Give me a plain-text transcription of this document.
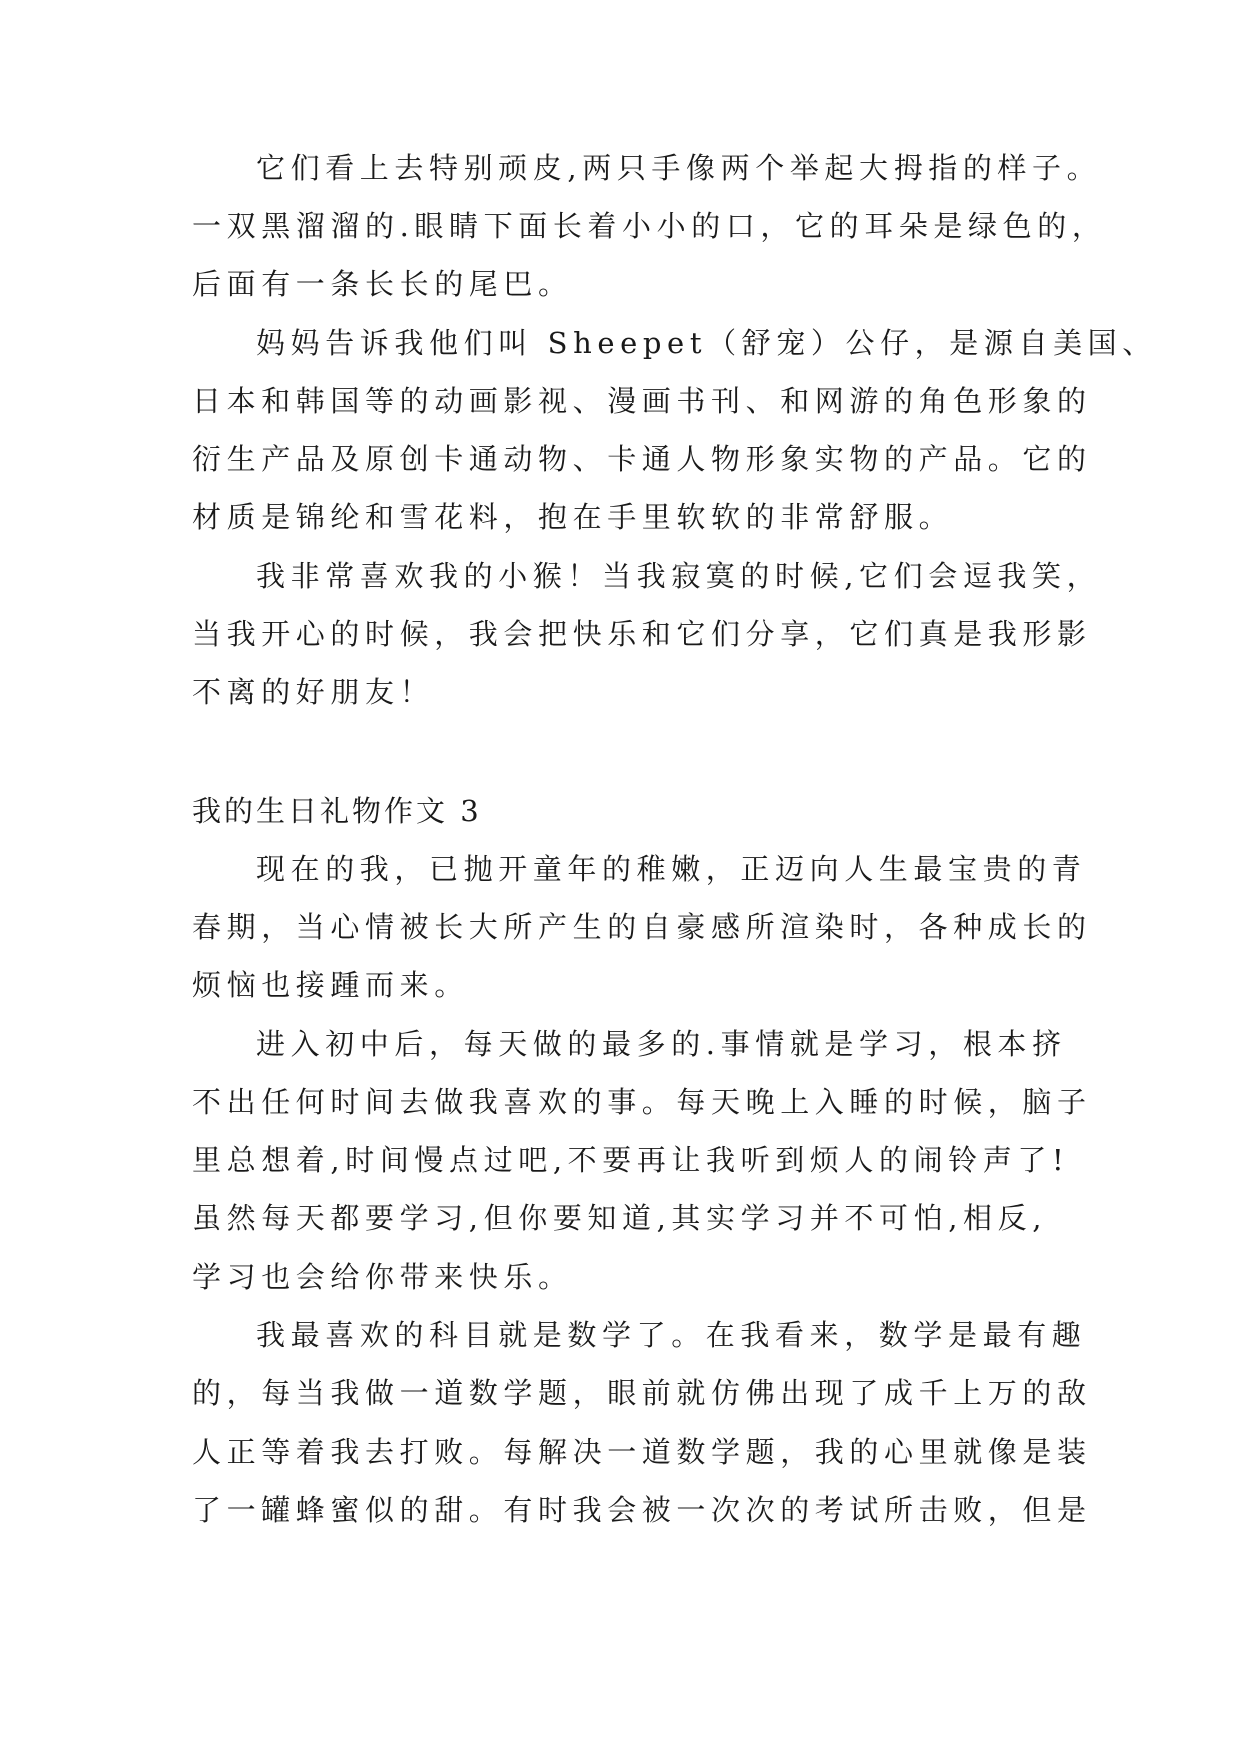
它们看上去特别顽皮,两只手像两个举起大拇指的样子。
一双黑溜溜的.眼睛下面长着小小的口，它的耳朵是绿色的，
后面有一条长长的尾巴。
妈妈告诉我他们叫 Sheepet（舒宠）公仔，是源自美国、
日本和韩国等的动画影视、漫画书刊、和网游的角色形象的
衍生产品及原创卡通动物、卡通人物形象实物的产品。它的
材质是锦纶和雪花料，抱在手里软软的非常舒服。
我非常喜欢我的小猴！当我寂寞的时候,它们会逗我笑，
当我开心的时候，我会把快乐和它们分享，它们真是我形影
不离的好朋友！
我的生日礼物作文 3
现在的我，已抛开童年的稚嫩，正迈向人生最宝贵的青
春期，当心情被长大所产生的自豪感所渲染时，各种成长的
烦恼也接踵而来。
进入初中后，每天做的最多的.事情就是学习，根本挤
不出任何时间去做我喜欢的事。每天晚上入睡的时候，脑子
里总想着,时间慢点过吧,不要再让我听到烦人的闹铃声了!
虽然每天都要学习,但你要知道,其实学习并不可怕,相反,
学习也会给你带来快乐。
我最喜欢的科目就是数学了。在我看来，数学是最有趣
的，每当我做一道数学题，眼前就仿佛出现了成千上万的敌
人正等着我去打败。每解决一道数学题，我的心里就像是装
了一罐蜂蜜似的甜。有时我会被一次次的考试所击败，但是
